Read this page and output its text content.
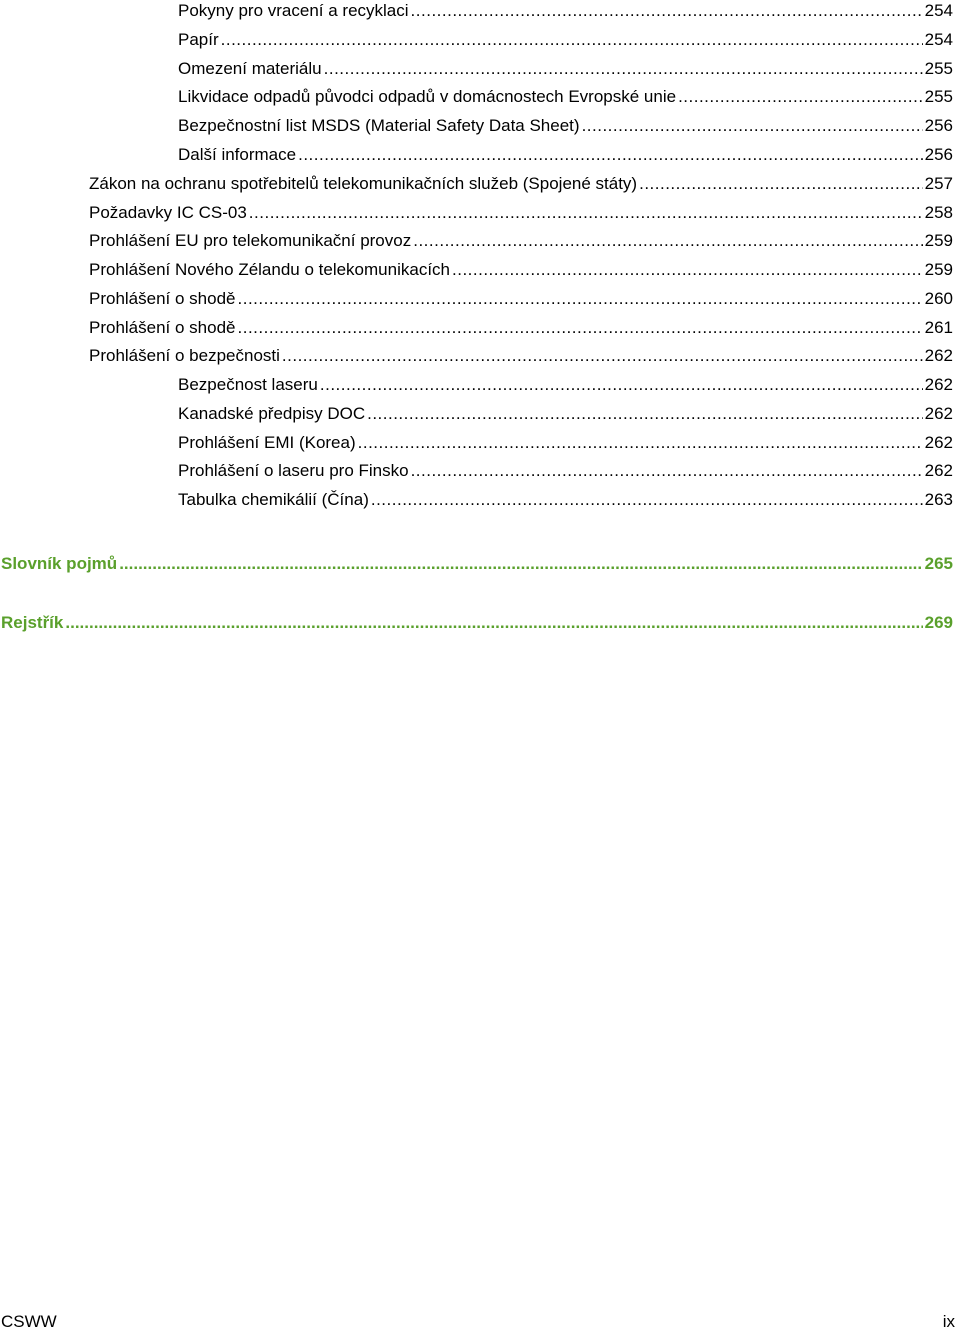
Pokyny pro vracení a recyklaci .....	254
Papír .....	254
Omezení materiálu .....	255
Likvidace odpadů původci odpadů v domácnostech Evropské unie .....	255
Bezpečnostní list MSDS (Material Safety Data Sheet) .....	256
Další informace .....	256
Zákon na ochranu spotřebitelů telekomunikačních služeb (Spojené státy) .....	257
Požadavky IC CS-03 .....	258
Prohlášení EU pro telekomunikační provoz .....	259
Prohlášení Nového Zélandu o telekomunikacích .....	259
Prohlášení o shodě .....	260
Prohlášení o shodě .....	261
Prohlášení o bezpečnosti .....	262
Bezpečnost laseru .....	262
Kanadské předpisy DOC .....	262
Prohlášení EMI (Korea) .....	262
Prohlášení o laseru pro Finsko .....	262
Tabulka chemikálií (Čína) .....	263
Slovník pojmů .....	265
Rejstřík .....	269
CSWW	ix
